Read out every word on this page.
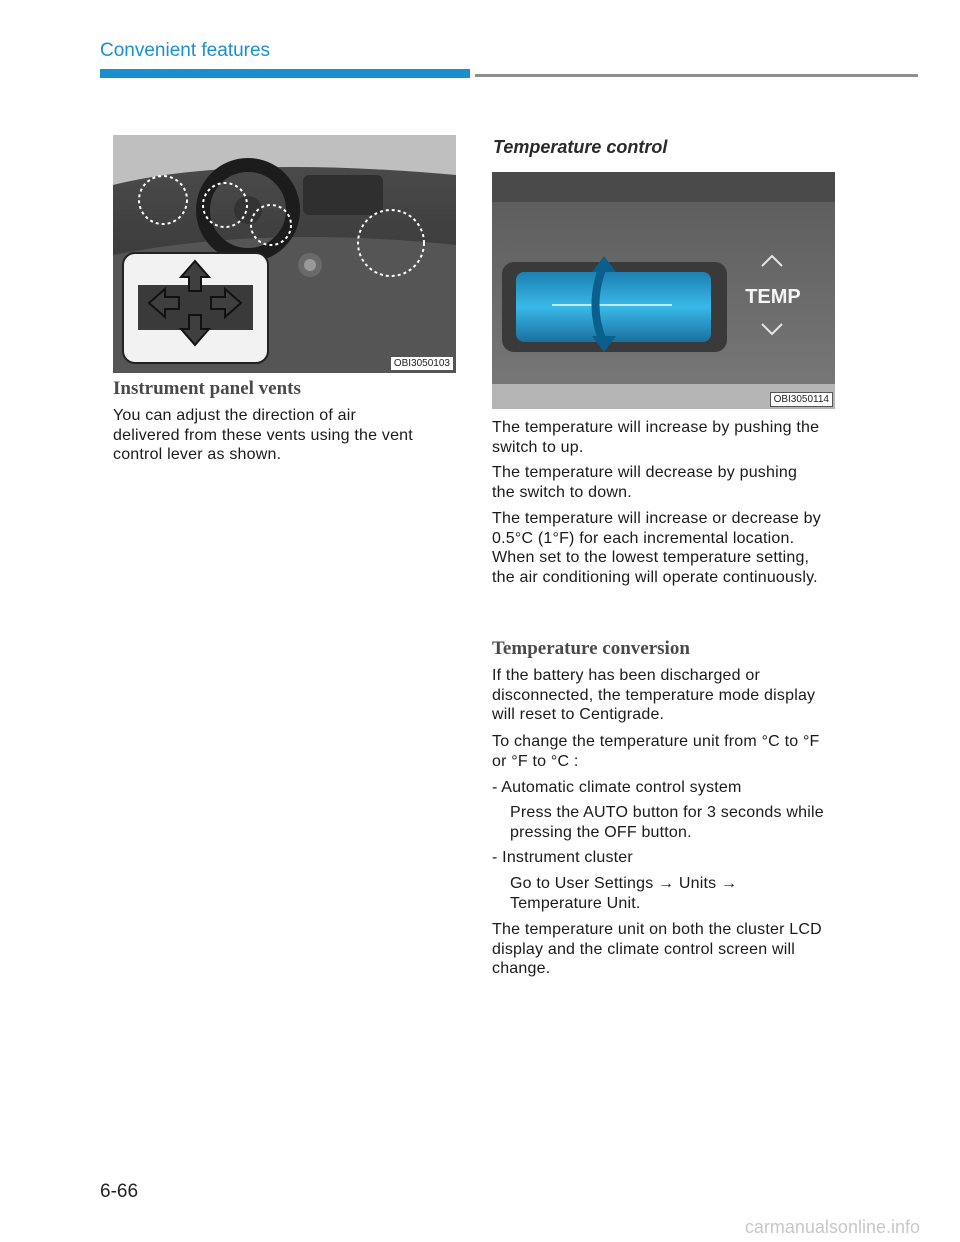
Convenient features
OBI3050103
Instrument panel vents

You can adjust the direction of air delivered from these vents using the vent control lever as shown.

Temperature control
TEMP
OBI3050114

The temperature will increase by pushing the switch to up.

The temperature will decrease by pushing the switch to down.

The temperature will increase or decrease by 0.5°C (1°F) for each incremental location. When set to the lowest temperature setting, the air conditioning will operate continuously.

Temperature conversion

If the battery has been discharged or disconnected, the temperature mode display will reset to Centigrade.

To change the temperature unit from °C to °F or °F to °C :

- Automatic climate control system

Press the AUTO button for 3 seconds while pressing the OFF button.

- Instrument cluster

Go to User Settings → Units → Temperature Unit.

The temperature unit on both the cluster LCD display and the climate control screen will change.

6-66
carmanualsonline.info
